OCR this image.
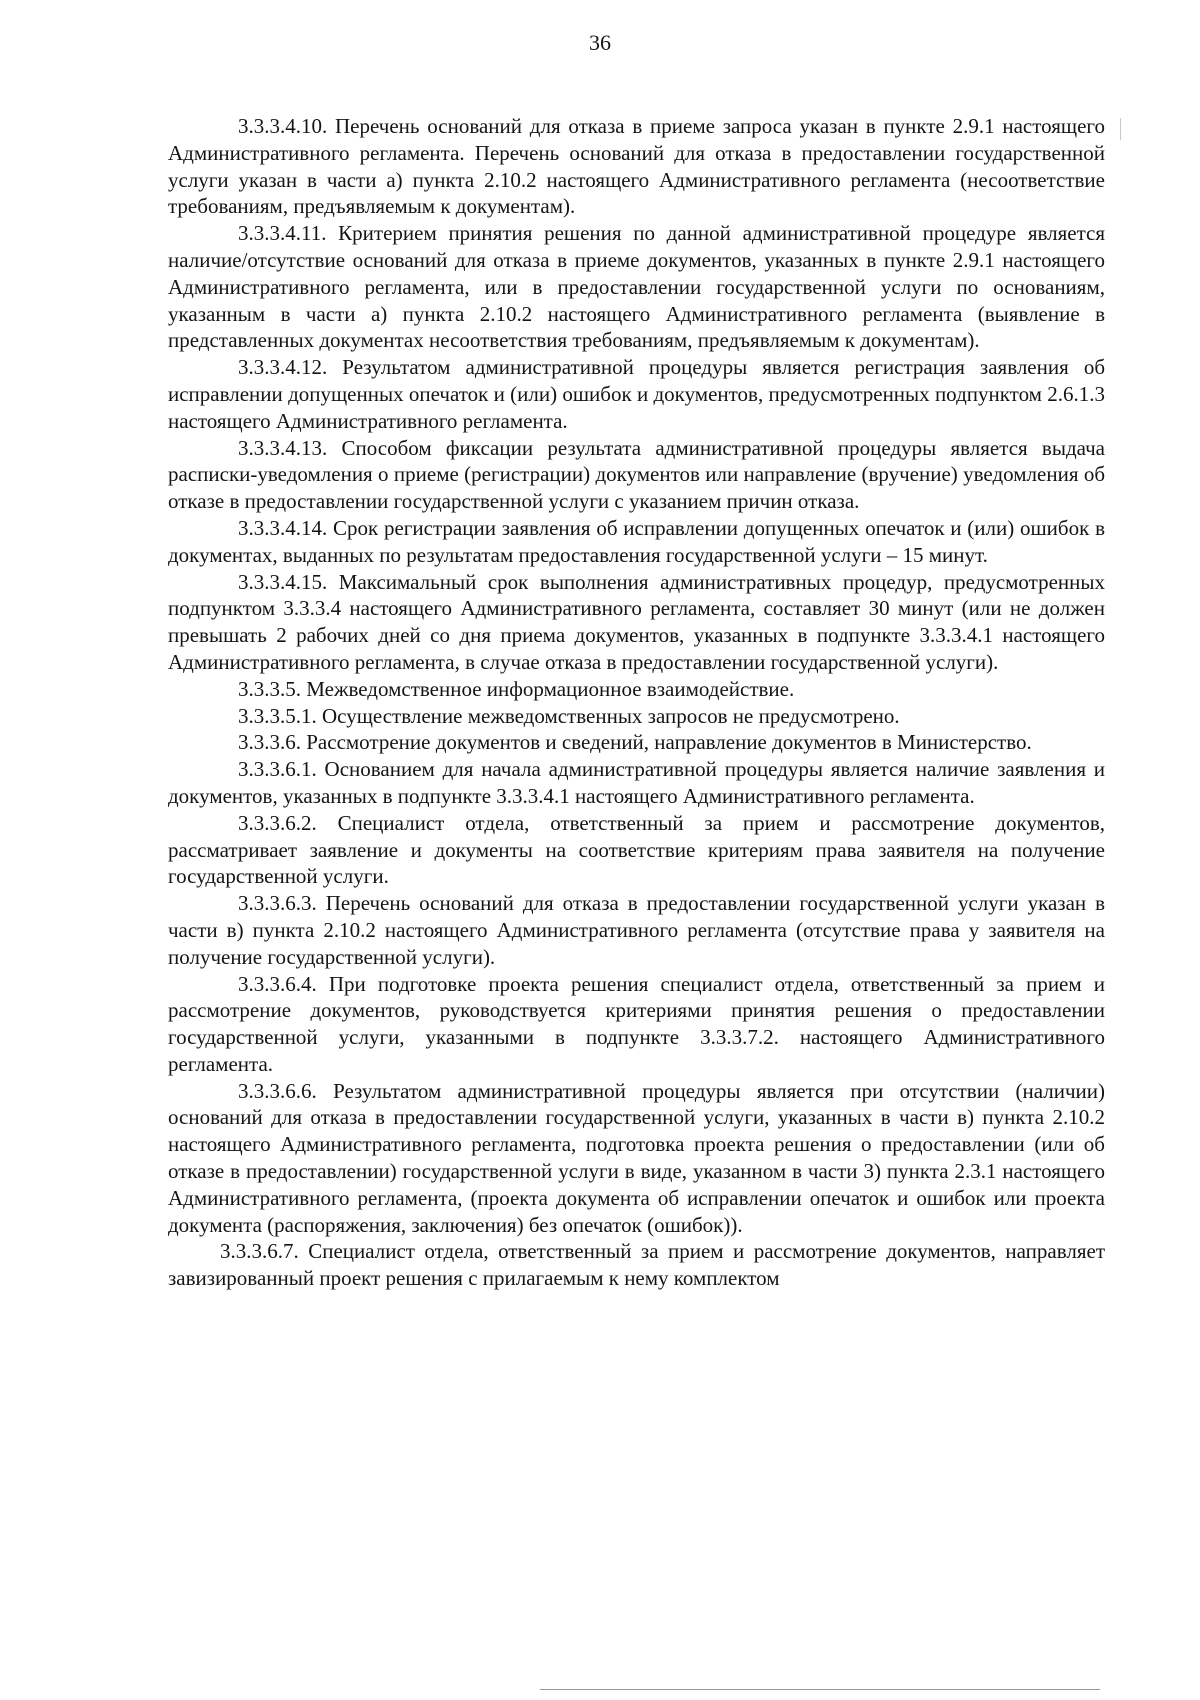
36

3.3.3.4.10. Перечень оснований для отказа в приеме запроса указан в пункте 2.9.1 настоящего Административного регламента. Перечень оснований для отказа в предоставлении государственной услуги указан в части а) пункта 2.10.2 настоящего Административного регламента (несоответствие требованиям, предъявляемым к документам).

3.3.3.4.11. Критерием принятия решения по данной административной процедуре является наличие/отсутствие оснований для отказа в приеме документов, указанных в пункте 2.9.1 настоящего Административного регламента, или в предоставлении государственной услуги по основаниям, указанным в части а) пункта 2.10.2 настоящего Административного регламента (выявление в представленных документах несоответствия требованиям, предъявляемым к документам).

3.3.3.4.12. Результатом административной процедуры является регистрация заявления об исправлении допущенных опечаток и (или) ошибок и документов, предусмотренных подпунктом 2.6.1.3 настоящего Административного регламента.

3.3.3.4.13. Способом фиксации результата административной процедуры является выдача расписки-уведомления о приеме (регистрации) документов или направление (вручение) уведомления об отказе в предоставлении государственной услуги с указанием причин отказа.

3.3.3.4.14. Срок регистрации заявления об исправлении допущенных опечаток и (или) ошибок в документах, выданных по результатам предоставления государственной услуги – 15 минут.

3.3.3.4.15. Максимальный срок выполнения административных процедур, предусмотренных подпунктом 3.3.3.4 настоящего Административного регламента, составляет 30 минут (или не должен превышать 2 рабочих дней со дня приема документов, указанных в подпункте 3.3.3.4.1 настоящего Административного регламента, в случае отказа в предоставлении государственной услуги).

3.3.3.5. Межведомственное информационное взаимодействие.

3.3.3.5.1. Осуществление межведомственных запросов не предусмотрено.

3.3.3.6. Рассмотрение документов и сведений, направление документов в Министерство.

3.3.3.6.1. Основанием для начала административной процедуры является наличие заявления и документов, указанных в подпункте 3.3.3.4.1 настоящего Административного регламента.

3.3.3.6.2. Специалист отдела, ответственный за прием и рассмотрение документов, рассматривает заявление и документы на соответствие критериям права заявителя на получение государственной услуги.

3.3.3.6.3. Перечень оснований для отказа в предоставлении государственной услуги указан в части в) пункта 2.10.2 настоящего Административного регламента (отсутствие права у заявителя на получение государственной услуги).

3.3.3.6.4. При подготовке проекта решения специалист отдела, ответственный за прием и рассмотрение документов, руководствуется критериями принятия решения о предоставлении государственной услуги, указанными в подпункте 3.3.3.7.2. настоящего Административного регламента.

3.3.3.6.6. Результатом административной процедуры является при отсутствии (наличии) оснований для отказа в предоставлении государственной услуги, указанных в части в) пункта 2.10.2 настоящего Административного регламента, подготовка проекта решения о предоставлении (или об отказе в предоставлении) государственной услуги в виде, указанном в части 3) пункта 2.3.1 настоящего Административного регламента, (проекта документа об исправлении опечаток и ошибок или проекта документа (распоряжения, заключения) без опечаток (ошибок)).

3.3.3.6.7. Специалист отдела, ответственный за прием и рассмотрение документов, направляет завизированный проект решения с прилагаемым к нему комплектом
